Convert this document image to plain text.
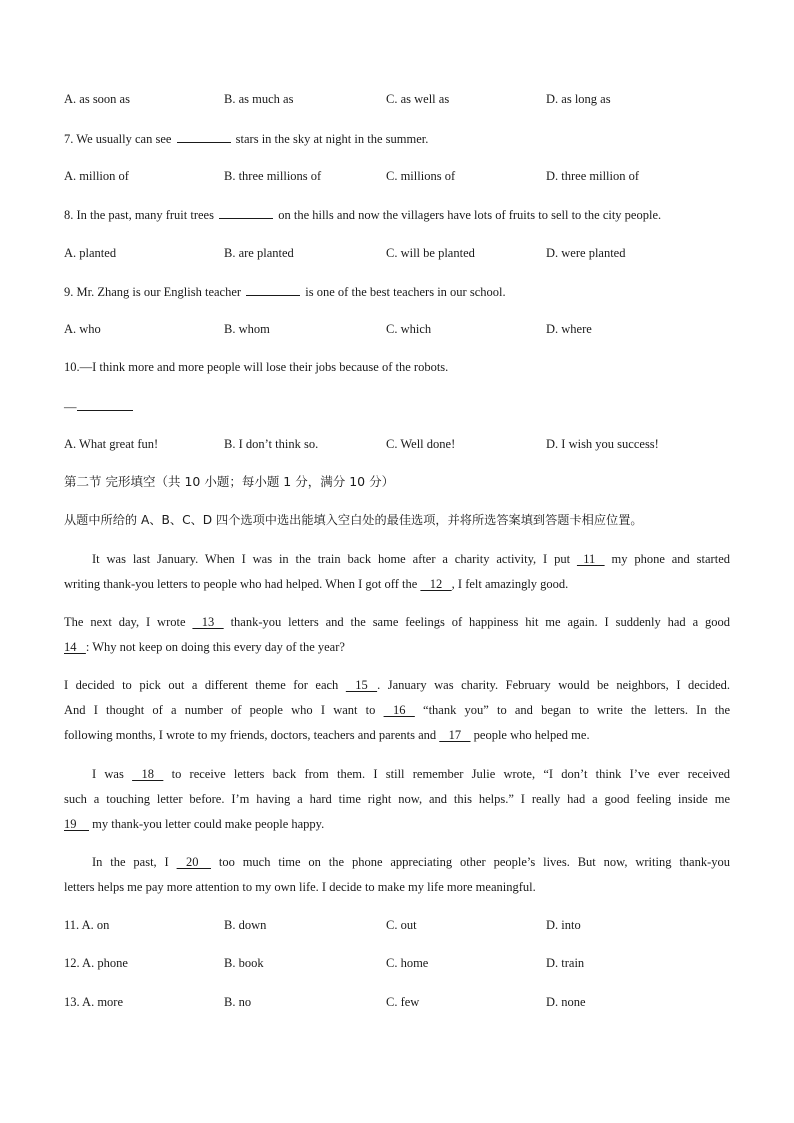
A. as soon as	B. as much as	C. as well as	D. as long as
7. We usually can see	stars in the sky at night in the summer.
A. million of	B. three millions of	C. millions of	D. three million of
8. In the past, many fruit trees	on the hills and now the villagers have lots of fruits to sell to the city people.
A. planted	B. are planted	C. will be planted	D. were planted
9. Mr. Zhang is our English teacher	is one of the best teachers in our school.
A. who	B. whom	C. which	D. where
10.—I think more and more people will lose their jobs because of the robots.
—
A. What great fun!	B. I don’t think so.	C. Well done!	D. I wish you success!
第二节 完形填空（共 10 小题；每小题 1 分，满分 10 分）
从题中所给的 A、B、C、D 四个选项中选出能填入空白处的最佳选项，并将所选答案填到答题卡相应位置。
It was last January. When I was in the train back home after a charity activity, I put   11    my phone and started
writing thank-you letters to people who had helped. When I got off the    12   , I felt amazingly good.
The next day, I wrote    13    thank-you letters and the same feelings of happiness hit me again. I suddenly had a good
14   : Why not keep on doing this every day of the year?
I decided to pick out a different theme for each    15   . January was charity. February would be neighbors, I decided.
And I thought of a number of people who I want to    16    “thank you” to and began to write the letters. In the
following months, I wrote to my friends, doctors, teachers and parents and    17    people who helped me.
I was    18    to receive letters back from them. I still remember Julie wrote, “I don’t think I’ve ever received
such a touching letter before. I’m having a hard time right now, and this helps.” I really had a good feeling inside me
19     my thank-you letter could make people happy.
In the past, I    20     too much time on the phone appreciating other people’s lives. But now, writing thank-you
letters helps me pay more attention to my own life. I decide to make my life more meaningful.
11. A. on	B. down	C. out	D. into
12. A. phone	B. book	C. home	D. train
13. A. more	B. no	C. few	D. none
